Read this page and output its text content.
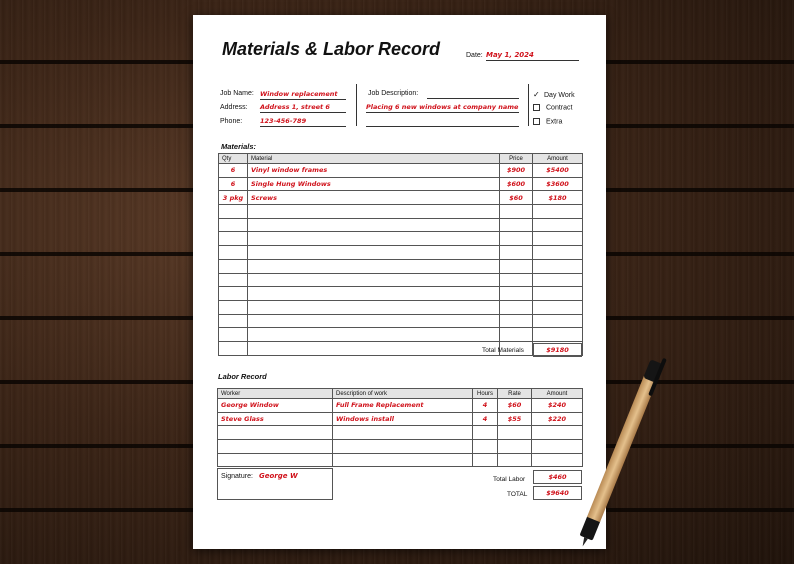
Materials & Labor Record	Date: May 1, 2024
Job Name: Window replacement
Address: Address 1, street 6
Phone:	123-456-789
Job Description:
Placing 6 new windows at company name
✓ Day Work
Contract
Extra
Materials:
Qty	Material	Price	Amount
6	Vinyl window frames	$900	$5400
6	Single Hung Windows	$600	$3600
3 pkg	Screws	$60	$180

Total Materials	$9180
Labor Record
Worker	Description of work	Hours	Rate	Amount
George Window	Full Frame Replacement	4	$60	$240
Steve Glass	Windows install	4	$55	$220

Signature: George W	Total Labor	$460
TOTAL	$9640
